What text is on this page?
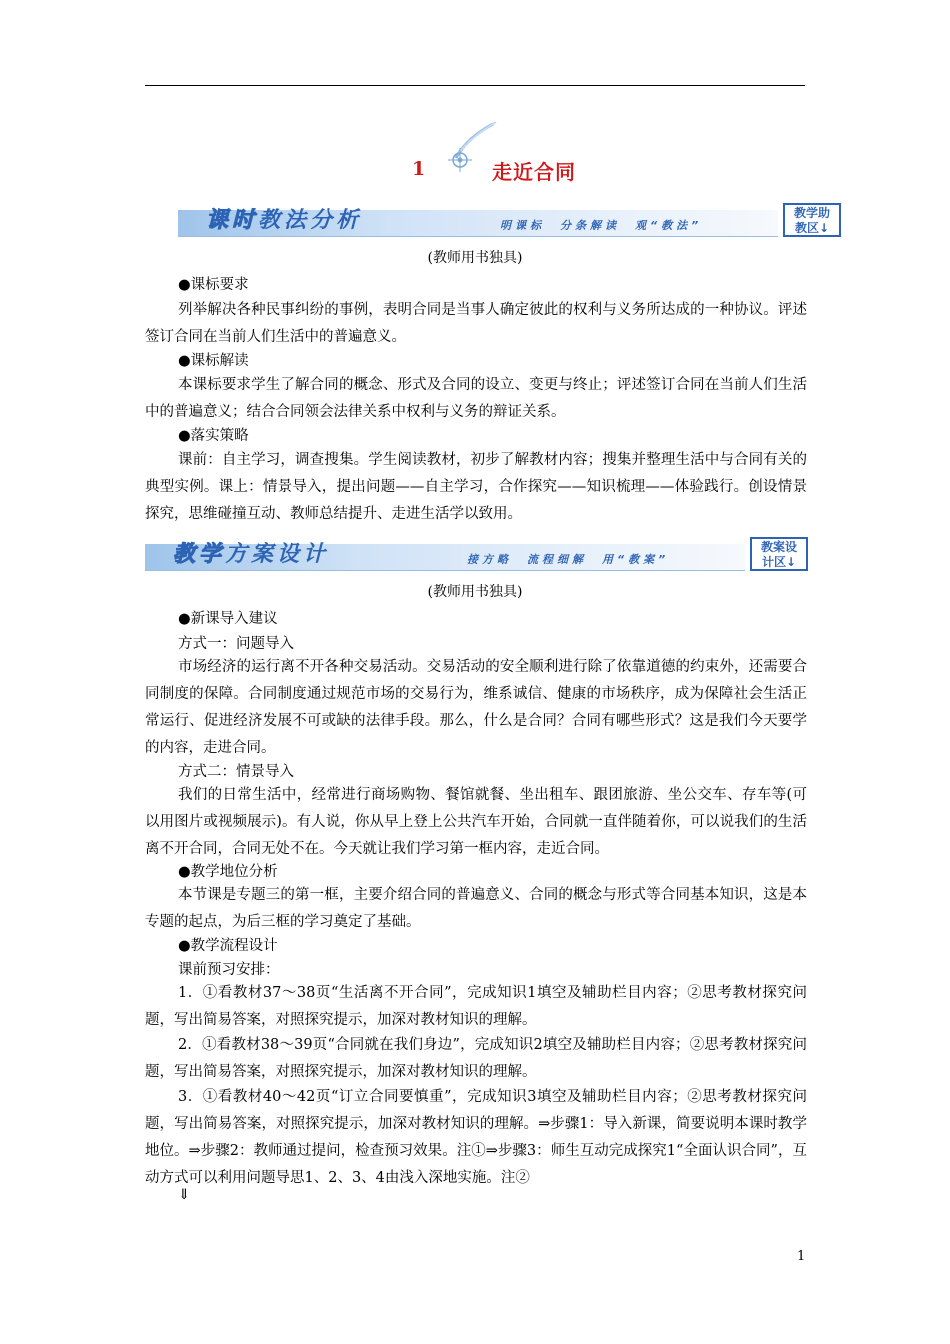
1	走近合同
课时教法分析	明课标　分条解读　观“教法”
教学助
教区↓
(教师用书独具)
●课标要求
列举解决各种民事纠纷的事例，表明合同是当事人确定彼此的权利与义务所达成的一种协议。评述签订合同在当前人们生活中的普遍意义。
●课标解读
本课标要求学生了解合同的概念、形式及合同的设立、变更与终止；评述签订合同在当前人们生活中的普遍意义；结合合同领会法律关系中权利与义务的辩证关系。
●落实策略
课前：自主学习，调查搜集。学生阅读教材，初步了解教材内容；搜集并整理生活中与合同有关的典型实例。课上：情景导入，提出问题——自主学习，合作探究——知识梳理——体验践行。创设情景探究，思维碰撞互动、教师总结提升、走进生活学以致用。
教学方案设计	接方略　流程细解　用“教案”
教案设
计区↓
(教师用书独具)
●新课导入建议
方式一：问题导入
市场经济的运行离不开各种交易活动。交易活动的安全顺利进行除了依靠道德的约束外，还需要合同制度的保障。合同制度通过规范市场的交易行为，维系诚信、健康的市场秩序，成为保障社会生活正常运行、促进经济发展不可或缺的法律手段。那么，什么是合同？合同有哪些形式？这是我们今天要学的内容，走进合同。
方式二：情景导入
我们的日常生活中，经常进行商场购物、餐馆就餐、坐出租车、跟团旅游、坐公交车、存车等(可以用图片或视频展示)。有人说，你从早上登上公共汽车开始，合同就一直伴随着你，可以说我们的生活离不开合同，合同无处不在。今天就让我们学习第一框内容，走近合同。
●教学地位分析
本节课是专题三的第一框，主要介绍合同的普遍意义、合同的概念与形式等合同基本知识，这是本专题的起点，为后三框的学习奠定了基础。
●教学流程设计
课前预习安排：
1．①看教材37～38页“生活离不开合同”，完成知识1填空及辅助栏目内容；②思考教材探究问题，写出简易答案，对照探究提示，加深对教材知识的理解。
2．①看教材38～39页“合同就在我们身边”，完成知识2填空及辅助栏目内容；②思考教材探究问题，写出简易答案，对照探究提示，加深对教材知识的理解。
3．①看教材40～42页“订立合同要慎重”，完成知识3填空及辅助栏目内容；②思考教材探究问题，写出简易答案，对照探究提示，加深对教材知识的理解。⇒步骤1：导入新课，简要说明本课时教学地位。⇒步骤2：教师通过提问，检查预习效果。注①⇒步骤3：师生互动完成探究1“全面认识合同”，互动方式可以利用问题导思1、2、3、4由浅入深地实施。注②
⇓
1
